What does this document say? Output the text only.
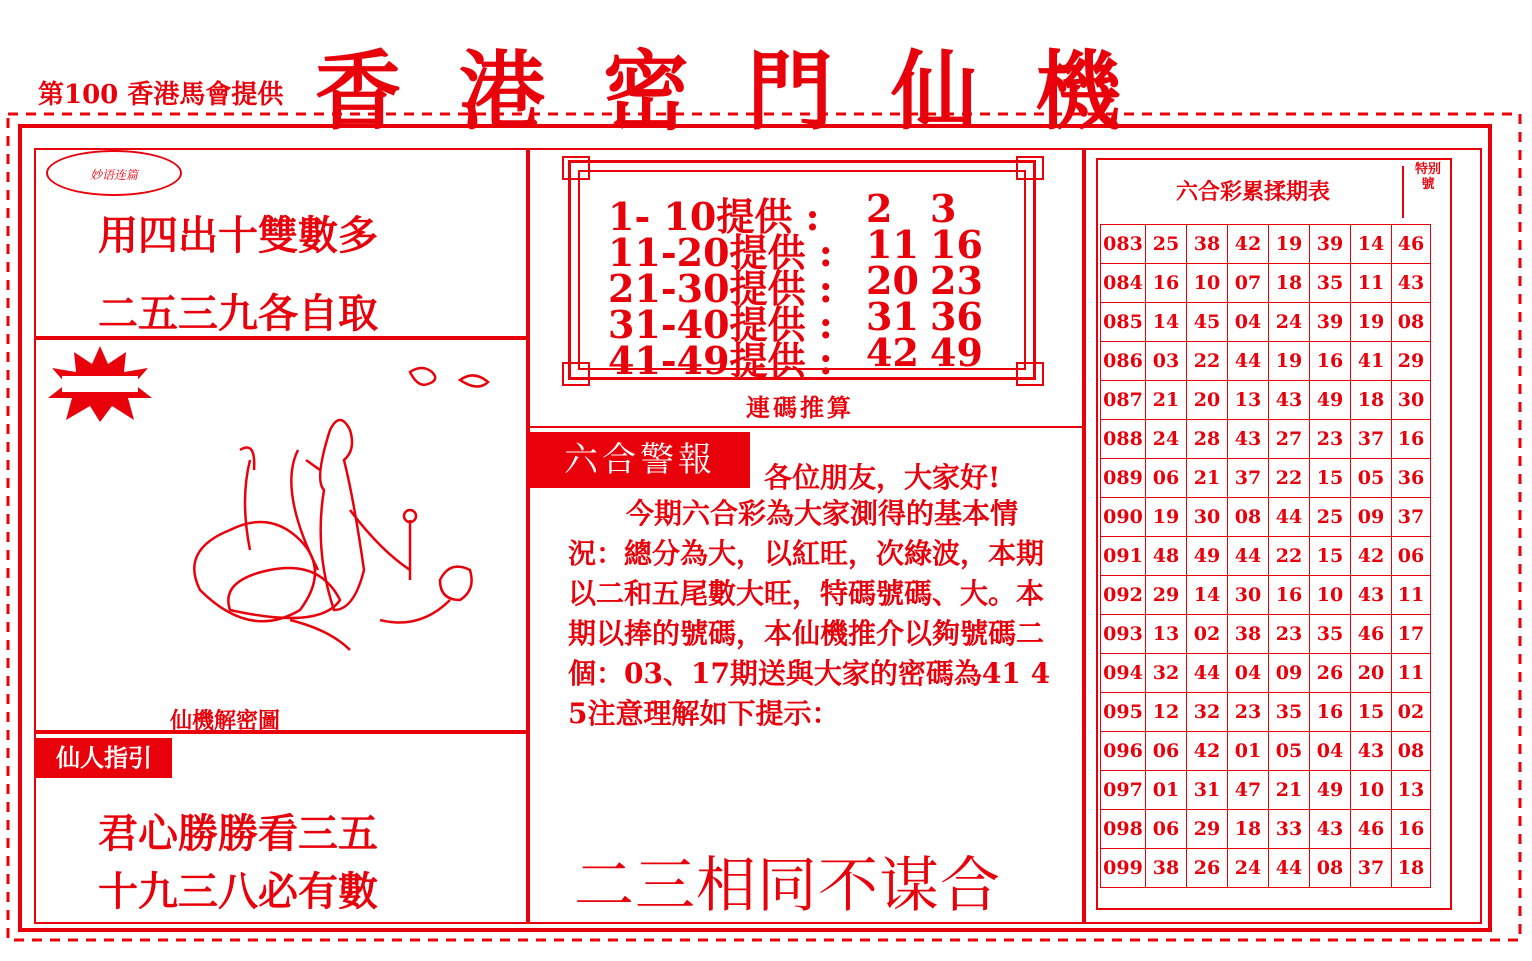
第100 香港馬會提供 香港密門仙機
妙语连篇
用四出十雙數多
二五三九各自取
仙機解密圖
仙人指引
君心勝勝看三五
十九三八必有數
1- 10提供 : 2 3
11-20提供 : 11 16
21-30提供 : 20 23
31-40提供 : 31 36
41-49提供 : 42 49
連碼推算
六合警報	各位朋友，大家好!
今期六合彩為大家測得的基本情況：總分為大，以紅旺，次綠波，本期以二和五尾數大旺，特碼號碼、大。本期以捧的號碼，本仙機推介以夠號碼二個：03、17期送與大家的密碼為41 45注意理解如下提示：
二三相同不谋合
六合彩累揉期表
特别號
083	25	38	42	19	39	14	46
084	16	10	07	18	35	11	43
085	14	45	04	24	39	19	08
086	03	22	44	19	16	41	29
087	21	20	13	43	49	18	30
088	24	28	43	27	23	37	16
089	06	21	37	22	15	05	36
090	19	30	08	44	25	09	37
091	48	49	44	22	15	42	06
092	29	14	30	16	10	43	11
093	13	02	38	23	35	46	17
094	32	44	04	09	26	20	11
095	12	32	23	35	16	15	02
096	06	42	01	05	04	43	08
097	01	31	47	21	49	10	13
098	06	29	18	33	43	46	16
099	38	26	24	44	08	37	18
